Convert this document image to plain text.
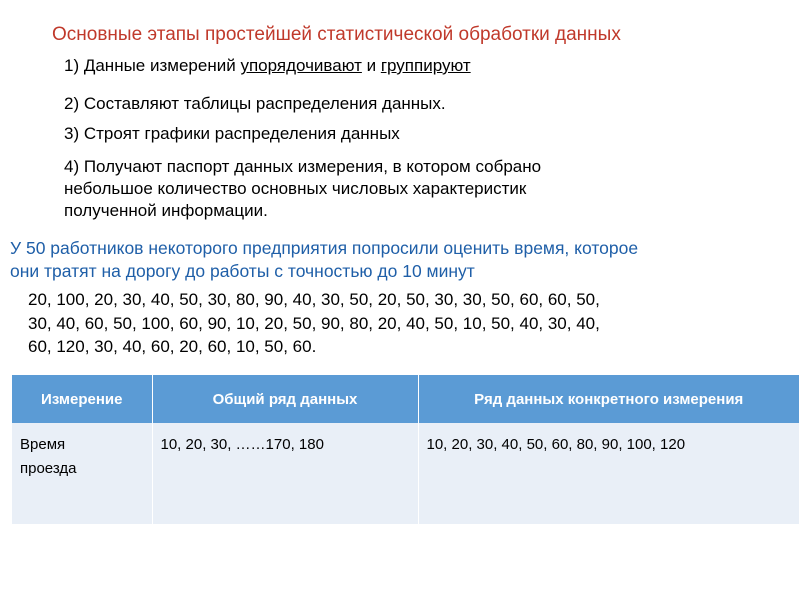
Основные этапы простейшей статистической обработки данных
1) Данные измерений упорядочивают и группируют
2) Составляют таблицы распределения данных.
3) Строят графики распределения данных
4) Получают паспорт данных измерения, в котором собрано
небольшое количество основных числовых характеристик
полученной информации.
У 50 работников некоторого предприятия попросили оценить время, которое
они тратят на дорогу до работы с точностью до 10 минут
20, 100, 20, 30, 40, 50, 30, 80, 90, 40, 30, 50, 20, 50, 30, 30, 50, 60, 60, 50,
30, 40, 60, 50, 100, 60, 90, 10, 20, 50, 90, 80, 20, 40, 50, 10, 50, 40, 30, 40,
60, 120, 30, 40, 60, 20, 60, 10, 50, 60.
Измерение	Общий ряд данных	Ряд данных конкретного измерения

Время
проезда	10, 20, 30, ……170, 180	10, 20, 30, 40, 50, 60, 80, 90, 100, 120
